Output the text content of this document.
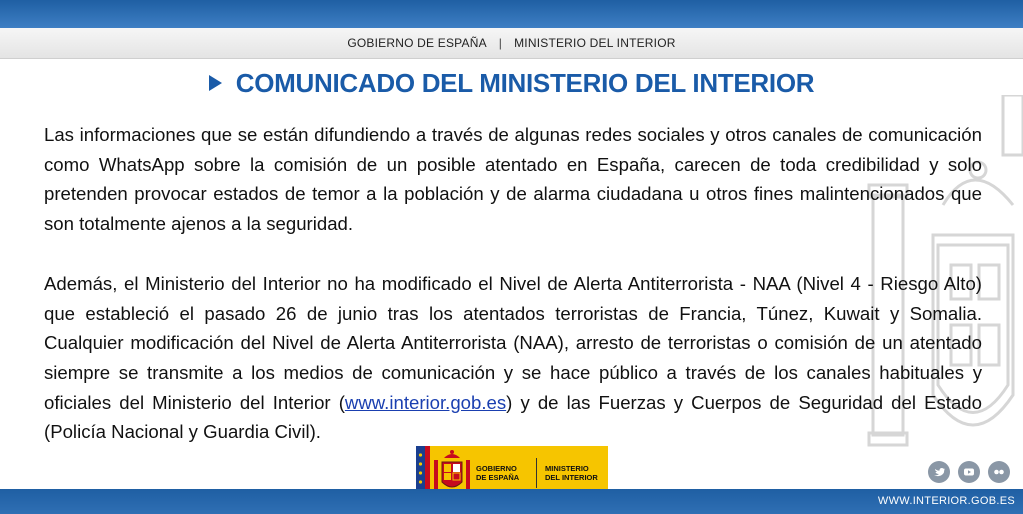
GOBIERNO DE ESPAÑA | MINISTERIO DEL INTERIOR
COMUNICADO DEL MINISTERIO DEL INTERIOR

Las informaciones que se están difundiendo a través de algunas redes sociales y otros canales de comunicación como WhatsApp sobre la comisión de un posible atentado en España, carecen de toda credibilidad y solo pretenden provocar estados de temor a la población y de alarma ciudadana u otros fines malintencionados que son totalmente ajenos a la seguridad.

Además, el Ministerio del Interior no ha modificado el Nivel de Alerta Antiterrorista - NAA (Nivel 4 - Riesgo Alto) que estableció el pasado 26 de junio tras los atentados terroristas de Francia, Túnez, Kuwait y Somalia. Cualquier modificación del Nivel de Alerta Antiterrorista (NAA), arresto de terroristas o comisión de un atentado siempre se transmite a los medios de comunicación y se hace público a través de los canales habituales y oficiales del Ministerio del Interior (www.interior.gob.es) y de las Fuerzas y Cuerpos de Seguridad del Estado (Policía Nacional y Guardia Civil).

GOBIERNO
DE ESPAÑA
MINISTERIO
DEL INTERIOR
WWW.INTERIOR.GOB.ES
